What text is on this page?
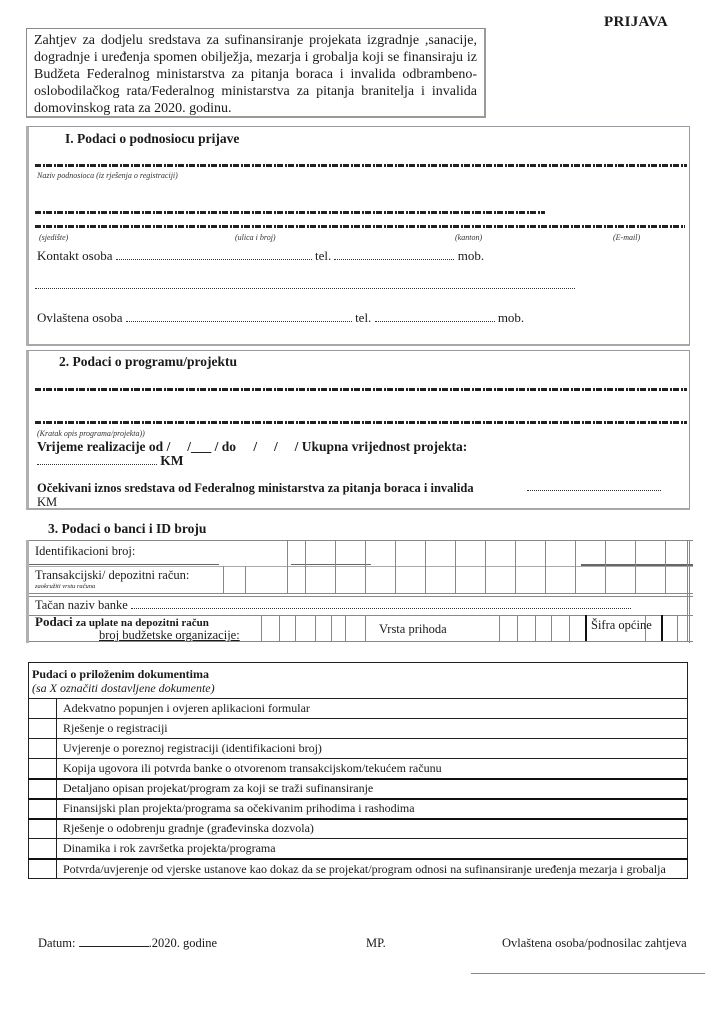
PRIJAVA
Zahtjev za dodjelu sredstava za sufinansiranje projekata izgradnje ,sanacije, dogradnje i uređenja spomen obilježja, mezarja i grobalja koji se finansiraju iz Budžeta Federalnog ministarstva za pitanja boraca i invalida odbrambeno-oslobodilačkog rata/Federalnog ministarstva za pitanja branitelja i invalida domovinskog rata za 2020. godinu.
I. Podaci o podnosiocu prijave
Naziv podnosioca (iz rješenja o registraciji)
(sjedište)	(ulica i broj)	(kanton)	(E-mail)
Kontakt osoba	tel.	mob.
Ovlaštena osoba	tel.	mob.
2. Podaci o programu/projektu
(Kratak opis programa/projekta))
Vrijeme realizacije od /     /___ / do /     /     / Ukupna vrijednost projekta:
KM
Očekivani iznos sredstava od Federalnog ministarstva za pitanja boraca i invalida
KM
3. Podaci o banci i ID broju
Identifikacioni broj:
Transakcijski/ depozitni račun:
zaokružiti vrstu računa
Tačan naziv banke
Podaci za uplate na depozitni račun
broj budžetske organizacije:	Vrsta prihoda	Šifra općine
Pudaci o priloženim dokumentima
(sa X označiti dostavljene dokumente)	
	Adekvatno popunjen i ovjeren aplikacioni formular
	Rješenje o registraciji
	Uvjerenje o poreznoj registraciji (identifikacioni broj)
	Kopija ugovora ili potvrda banke o otvorenom transakcijskom/tekućem računu
	Detaljano opisan projekat/program za koji se traži sufinansiranje
	Finansijski plan projekta/programa sa očekivanim prihodima i rashodima
	Rješenje o odobrenju gradnje (građevinska dozvola)
	Dinamika i rok završetka projekta/programa
	Potvrda/uvjerenje od vjerske ustanove kao dokaz da se projekat/program odnosi na sufinansiranje uređenja mezarja i grobalja
Datum:	.2020. godine	MP.	Ovlaštena osoba/podnosilac zahtjeva
